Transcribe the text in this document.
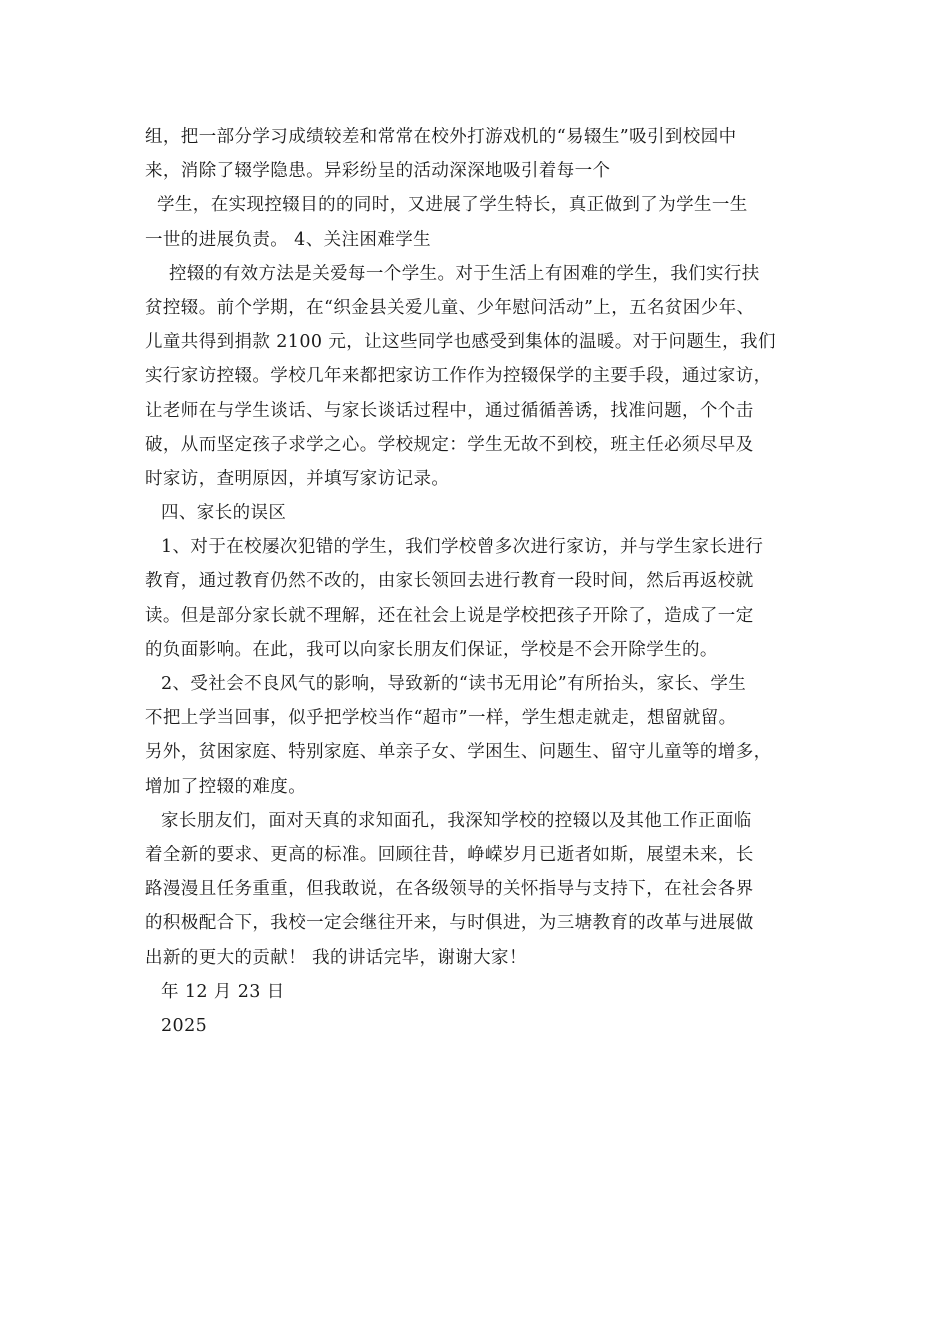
组，把一部分学习成绩较差和常常在校外打游戏机的“易辍生”吸引到校园中
来，消除了辍学隐患。异彩纷呈的活动深深地吸引着每一个
学生，在实现控辍目的的同时，又进展了学生特长，真正做到了为学生一生
一世的进展负责。 4、关注困难学生
控辍的有效方法是关爱每一个学生。对于生活上有困难的学生，我们实行扶
贫控辍。前个学期，在“织金县关爱儿童、少年慰问活动”上，五名贫困少年、
儿童共得到捐款 2100 元，让这些同学也感受到集体的温暖。对于问题生，我们
实行家访控辍。学校几年来都把家访工作作为控辍保学的主要手段，通过家访，
让老师在与学生谈话、与家长谈话过程中，通过循循善诱，找准问题，个个击
破，从而坚定孩子求学之心。学校规定：学生无故不到校，班主任必须尽早及
时家访，查明原因，并填写家访记录。
四、家长的误区
1、对于在校屡次犯错的学生，我们学校曾多次进行家访，并与学生家长进行
教育，通过教育仍然不改的，由家长领回去进行教育一段时间，然后再返校就
读。但是部分家长就不理解，还在社会上说是学校把孩子开除了，造成了一定
的负面影响。在此，我可以向家长朋友们保证，学校是不会开除学生的。
2、受社会不良风气的影响，导致新的“读书无用论”有所抬头，家长、学生
不把上学当回事，似乎把学校当作“超市”一样，学生想走就走，想留就留。
另外，贫困家庭、特别家庭、单亲子女、学困生、问题生、留守儿童等的增多，
增加了控辍的难度。
家长朋友们，面对天真的求知面孔，我深知学校的控辍以及其他工作正面临
着全新的要求、更高的标准。回顾往昔，峥嵘岁月已逝者如斯，展望未来，长
路漫漫且任务重重，但我敢说，在各级领导的关怀指导与支持下，在社会各界
的积极配合下，我校一定会继往开来，与时俱进，为三塘教育的改革与进展做
出新的更大的贡献！ 我的讲话完毕，谢谢大家！
年 12 月 23 日
2025
